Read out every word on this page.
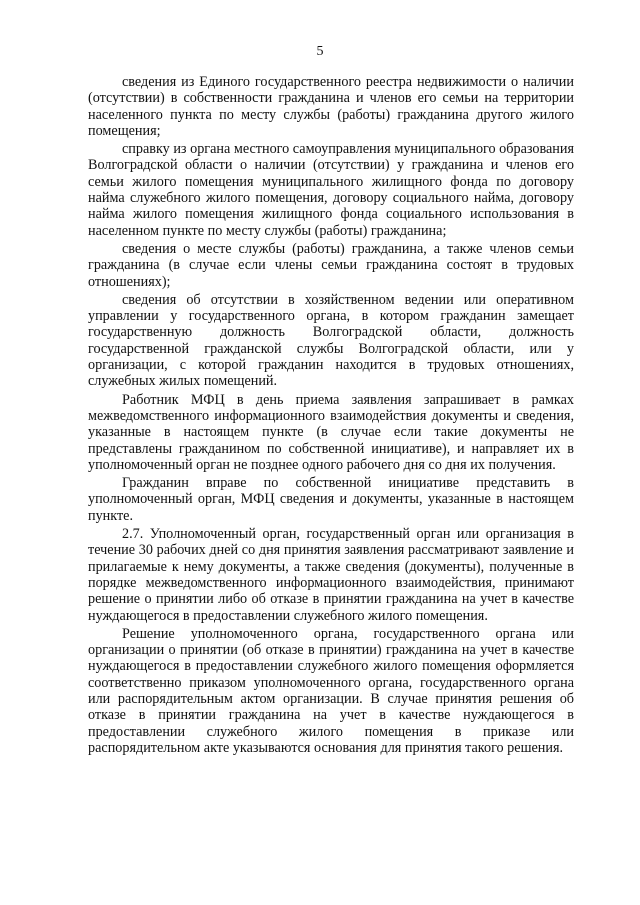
5

сведения из Единого государственного реестра недвижимости о наличии (отсутствии) в собственности гражданина и членов его семьи на территории населенного пункта по месту службы (работы) гражданина другого жилого помещения;

справку из органа местного самоуправления муниципального образования Волгоградской области о наличии (отсутствии) у гражданина и членов его семьи жилого помещения муниципального жилищного фонда по договору найма служебного жилого помещения, договору социального найма, договору найма жилого помещения жилищного фонда социального использования в населенном пункте по месту службы (работы) гражданина;

сведения о месте службы (работы) гражданина, а также членов семьи гражданина (в случае если члены семьи гражданина состоят в трудовых отношениях);

сведения об отсутствии в хозяйственном ведении или оперативном управлении у государственного органа, в котором гражданин замещает государственную должность Волгоградской области, должность государственной гражданской службы Волгоградской области, или у организации, с которой гражданин находится в трудовых отношениях, служебных жилых помещений.

Работник МФЦ в день приема заявления запрашивает в рамках межведомственного информационного взаимодействия документы и сведения, указанные в настоящем пункте (в случае если такие документы не представлены гражданином по собственной инициативе), и направляет их в уполномоченный орган не позднее одного рабочего дня со дня их получения.

Гражданин вправе по собственной инициативе представить в уполномоченный орган, МФЦ сведения и документы, указанные в настоящем пункте.

2.7. Уполномоченный орган, государственный орган или организация в течение 30 рабочих дней со дня принятия заявления рассматривают заявление и прилагаемые к нему документы, а также сведения (документы), полученные в порядке межведомственного информационного взаимодействия, принимают решение о принятии либо об отказе в принятии гражданина на учет в качестве нуждающегося в предоставлении служебного жилого помещения.

Решение уполномоченного органа, государственного органа или организации о принятии (об отказе в принятии) гражданина на учет в качестве нуждающегося в предоставлении служебного жилого помещения оформляется соответственно приказом уполномоченного органа, государственного органа или распорядительным актом организации. В случае принятия решения об отказе в принятии гражданина на учет в качестве нуждающегося в предоставлении служебного жилого помещения в приказе или распорядительном акте указываются основания для принятия такого решения.
